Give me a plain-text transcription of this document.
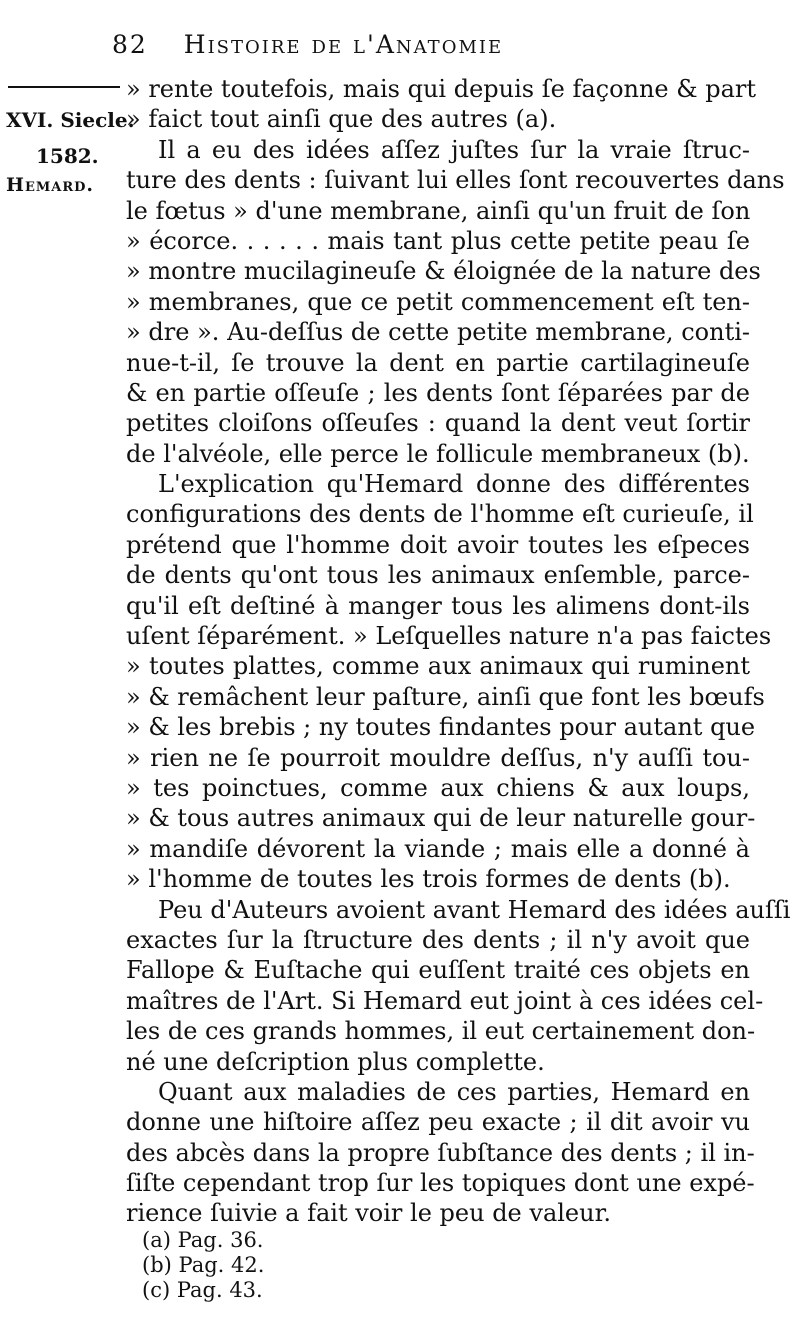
82 Histoire de l'Anatomie
XVI. Siecle.
1582.
Hemard.
» rente toutefois, mais qui depuis ſe façonne & part
» faict tout ainſi que des autres (a).
Il a eu des idées aſſez juſtes ſur la vraie ſtruc-
ture des dents : ſuivant lui elles ſont recouvertes dans
le fœtus » d'une membrane, ainſi qu'un fruit de ſon
» écorce. . . . . . mais tant plus cette petite peau ſe
» montre mucilagineuſe & éloignée de la nature des
» membranes, que ce petit commencement eſt ten-
» dre ». Au-deſſus de cette petite membrane, conti-
nue-t-il, ſe trouve la dent en partie cartilagineuſe
& en partie oſſeuſe ; les dents ſont ſéparées par de
petites cloiſons oſſeuſes : quand la dent veut ſortir
de l'alvéole, elle perce le follicule membraneux (b).
L'explication qu'Hemard donne des différentes
configurations des dents de l'homme eſt curieuſe, il
prétend que l'homme doit avoir toutes les eſpeces
de dents qu'ont tous les animaux enſemble, parce-
qu'il eſt deſtiné à manger tous les alimens dont-ils
uſent ſéparément. » Leſquelles nature n'a pas faictes
» toutes plattes, comme aux animaux qui ruminent
» & remâchent leur paſture, ainſi que font les bœufs
» & les brebis ; ny toutes findantes pour autant que
» rien ne ſe pourroit mouldre deſſus, n'y auſſi tou-
» tes poinctues, comme aux chiens & aux loups,
» & tous autres animaux qui de leur naturelle gour-
» mandiſe dévorent la viande ; mais elle a donné à
» l'homme de toutes les trois formes de dents (b).
Peu d'Auteurs avoient avant Hemard des idées auſſi
exactes ſur la ſtructure des dents ; il n'y avoit que
Fallope & Euſtache qui euſſent traité ces objets en
maîtres de l'Art. Si Hemard eut joint à ces idées cel-
les de ces grands hommes, il eut certainement don-
né une deſcription plus complette.
Quant aux maladies de ces parties, Hemard en
donne une hiſtoire aſſez peu exacte ; il dit avoir vu
des abcès dans la propre ſubſtance des dents ; il in-
ſiſte cependant trop ſur les topiques dont une expé-
rience ſuivie a fait voir le peu de valeur.
(a) Pag. 36.
(b) Pag. 42.
(c) Pag. 43.
